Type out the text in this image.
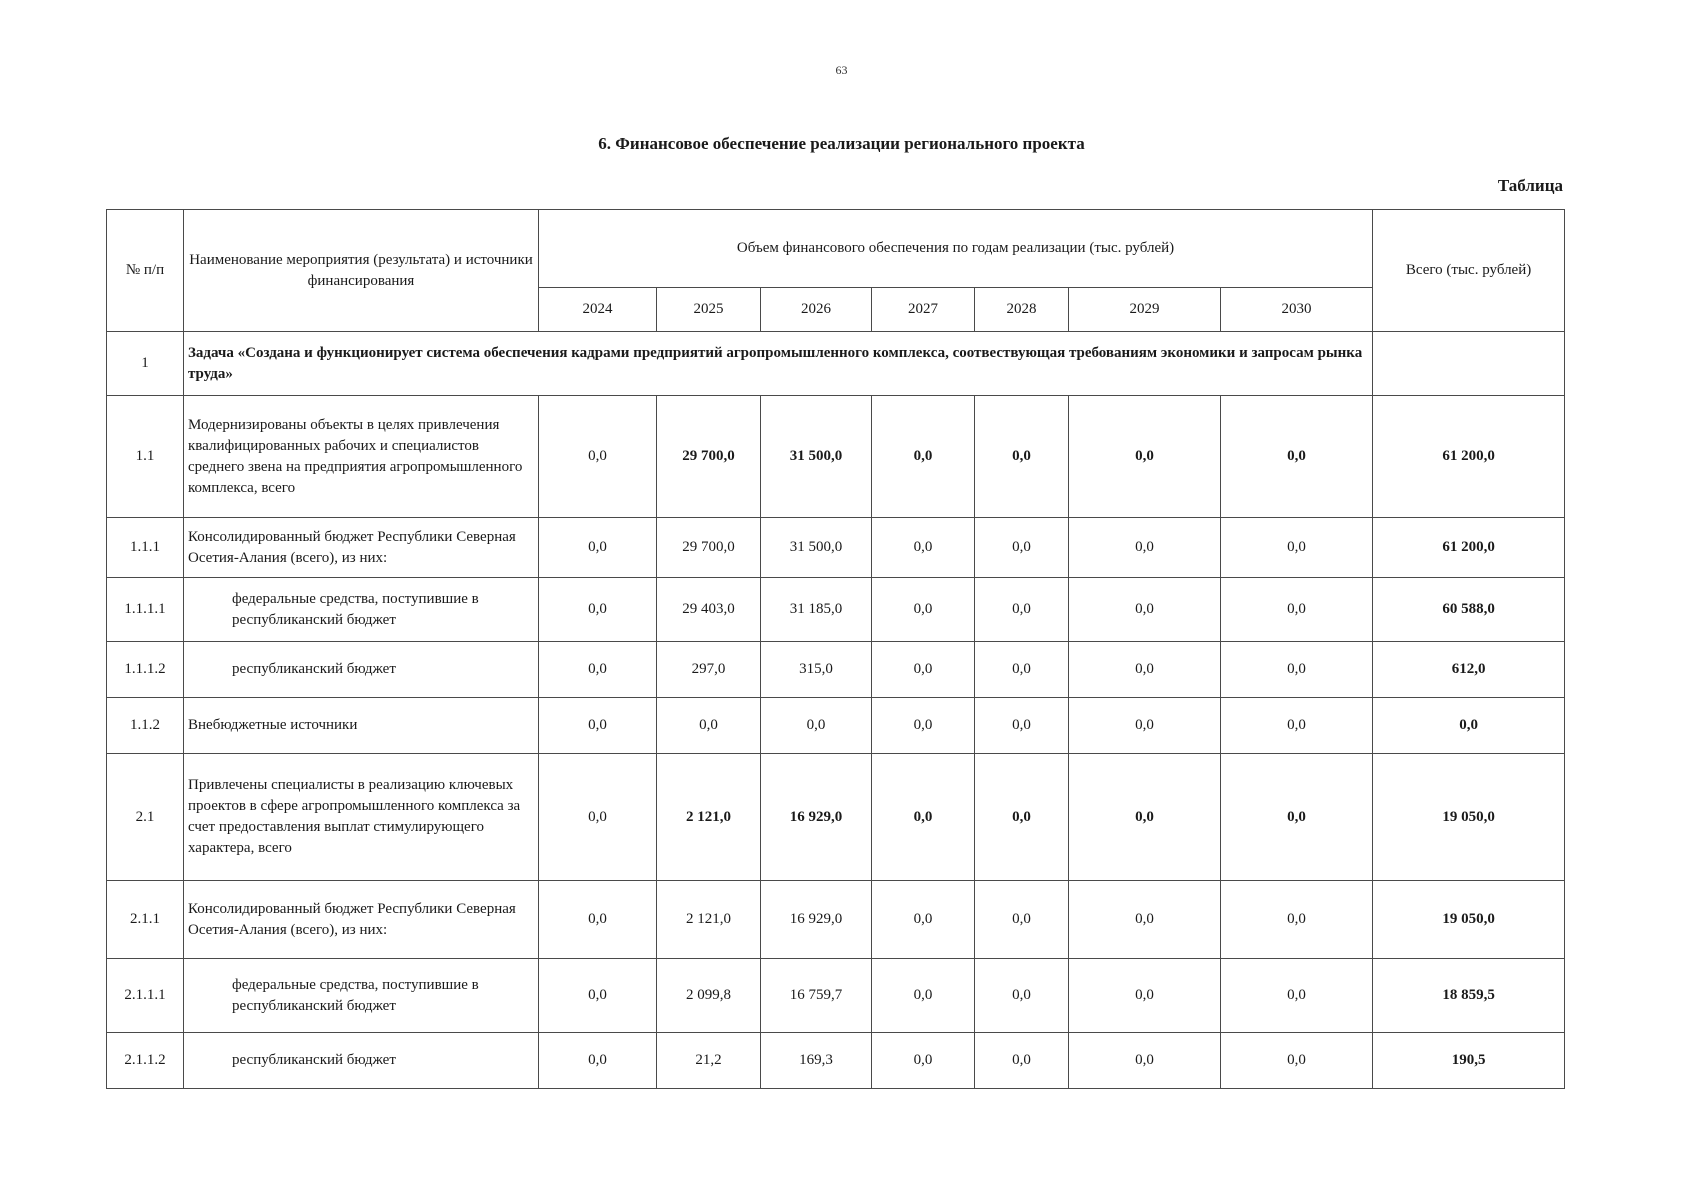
63
6. Финансовое обеспечение реализации регионального проекта
Таблица
№ п/п	Наименование мероприятия (результата) и источники финансирования	Объем финансового обеспечения по годам реализации (тыс. рублей)							Всего (тыс. рублей)
		2024	2025	2026	2027	2028	2029	2030	
1	Задача «Создана и функционирует система обеспечения кадрами предприятий агропромышленного комплекса, соотвествующая требованиям экономики и запросам рынка труда»								
1.1	Модернизированы объекты в целях привлечения квалифицированных рабочих и специалистов среднего звена на предприятия агропромышленного комплекса, всего	0,0	29 700,0	31 500,0	0,0	0,0	0,0	0,0	61 200,0
1.1.1	Консолидированный бюджет Республики Северная Осетия-Алания (всего), из них:	0,0	29 700,0	31 500,0	0,0	0,0	0,0	0,0	61 200,0
1.1.1.1	федеральные средства, поступившие в республиканский бюджет	0,0	29 403,0	31 185,0	0,0	0,0	0,0	0,0	60 588,0
1.1.1.2	республиканский бюджет	0,0	297,0	315,0	0,0	0,0	0,0	0,0	612,0
1.1.2	Внебюджетные источники	0,0	0,0	0,0	0,0	0,0	0,0	0,0	0,0
2.1	Привлечены специалисты в реализацию ключевых проектов в сфере агропромышленного комплекса за счет предоставления выплат стимулирующего характера, всего	0,0	2 121,0	16 929,0	0,0	0,0	0,0	0,0	19 050,0
2.1.1	Консолидированный бюджет Республики Северная Осетия-Алания (всего), из них:	0,0	2 121,0	16 929,0	0,0	0,0	0,0	0,0	19 050,0
2.1.1.1	федеральные средства, поступившие в республиканский бюджет	0,0	2 099,8	16 759,7	0,0	0,0	0,0	0,0	18 859,5
2.1.1.2	республиканский бюджет	0,0	21,2	169,3	0,0	0,0	0,0	0,0	190,5
